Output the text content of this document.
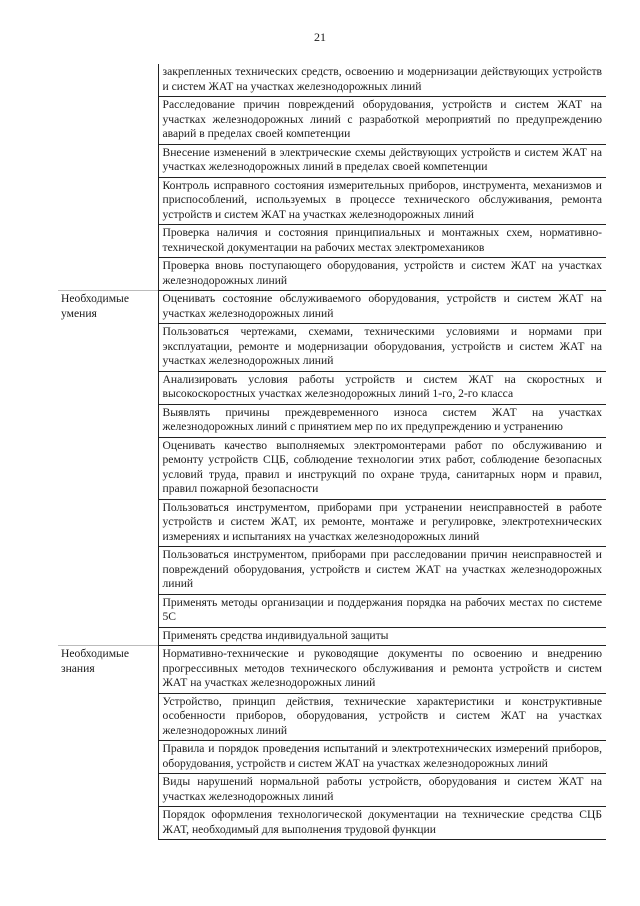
21
	закрепленных технических средств, освоению и модернизации действующих устройств и систем ЖАТ на участках железнодорожных линий
	Расследование причин повреждений оборудования, устройств и систем ЖАТ на участках железнодорожных линий с разработкой мероприятий по предупреждению аварий в пределах своей компетенции
	Внесение изменений в электрические схемы действующих устройств и систем ЖАТ на участках железнодорожных линий в пределах своей компетенции
	Контроль исправного состояния измерительных приборов, инструмента, механизмов и приспособлений, используемых в процессе технического обслуживания, ремонта устройств и систем ЖАТ на участках железнодорожных линий
	Проверка наличия и состояния принципиальных и монтажных схем, нормативно-технической документации на рабочих местах электромехаников
	Проверка вновь поступающего оборудования, устройств и систем ЖАТ на участках железнодорожных линий
Необходимые умения	Оценивать состояние обслуживаемого оборудования, устройств и систем ЖАТ на участках железнодорожных линий
	Пользоваться чертежами, схемами, техническими условиями и нормами при эксплуатации, ремонте и модернизации оборудования, устройств и систем ЖАТ на участках железнодорожных линий
	Анализировать условия работы устройств и систем ЖАТ на скоростных и высокоскоростных участках железнодорожных линий 1-го, 2-го класса
	Выявлять причины преждевременного износа систем ЖАТ на участках железнодорожных линий с принятием мер по их предупреждению и устранению
	Оценивать качество выполняемых электромонтерами работ по обслуживанию и ремонту устройств СЦБ, соблюдение технологии этих работ, соблюдение безопасных условий труда, правил и инструкций по охране труда, санитарных норм и правил, правил пожарной безопасности
	Пользоваться инструментом, приборами при устранении неисправностей в работе устройств и систем ЖАТ, их ремонте, монтаже и регулировке, электротехнических измерениях и испытаниях на участках железнодорожных линий
	Пользоваться инструментом, приборами при расследовании причин неисправностей и повреждений оборудования, устройств и систем ЖАТ на участках железнодорожных линий
	Применять методы организации и поддержания порядка на рабочих местах по системе 5С
	Применять средства индивидуальной защиты
Необходимые знания	Нормативно-технические и руководящие документы по освоению и внедрению прогрессивных методов технического обслуживания и ремонта устройств и систем ЖАТ на участках железнодорожных линий
	Устройство, принцип действия, технические характеристики и конструктивные особенности приборов, оборудования, устройств и систем ЖАТ на участках железнодорожных линий
	Правила и порядок проведения испытаний и электротехнических измерений приборов, оборудования, устройств и систем ЖАТ на участках железнодорожных линий
	Виды нарушений нормальной работы устройств, оборудования и систем ЖАТ на участках железнодорожных линий
	Порядок оформления технологической документации на технические средства СЦБ ЖАТ, необходимый для выполнения трудовой функции
